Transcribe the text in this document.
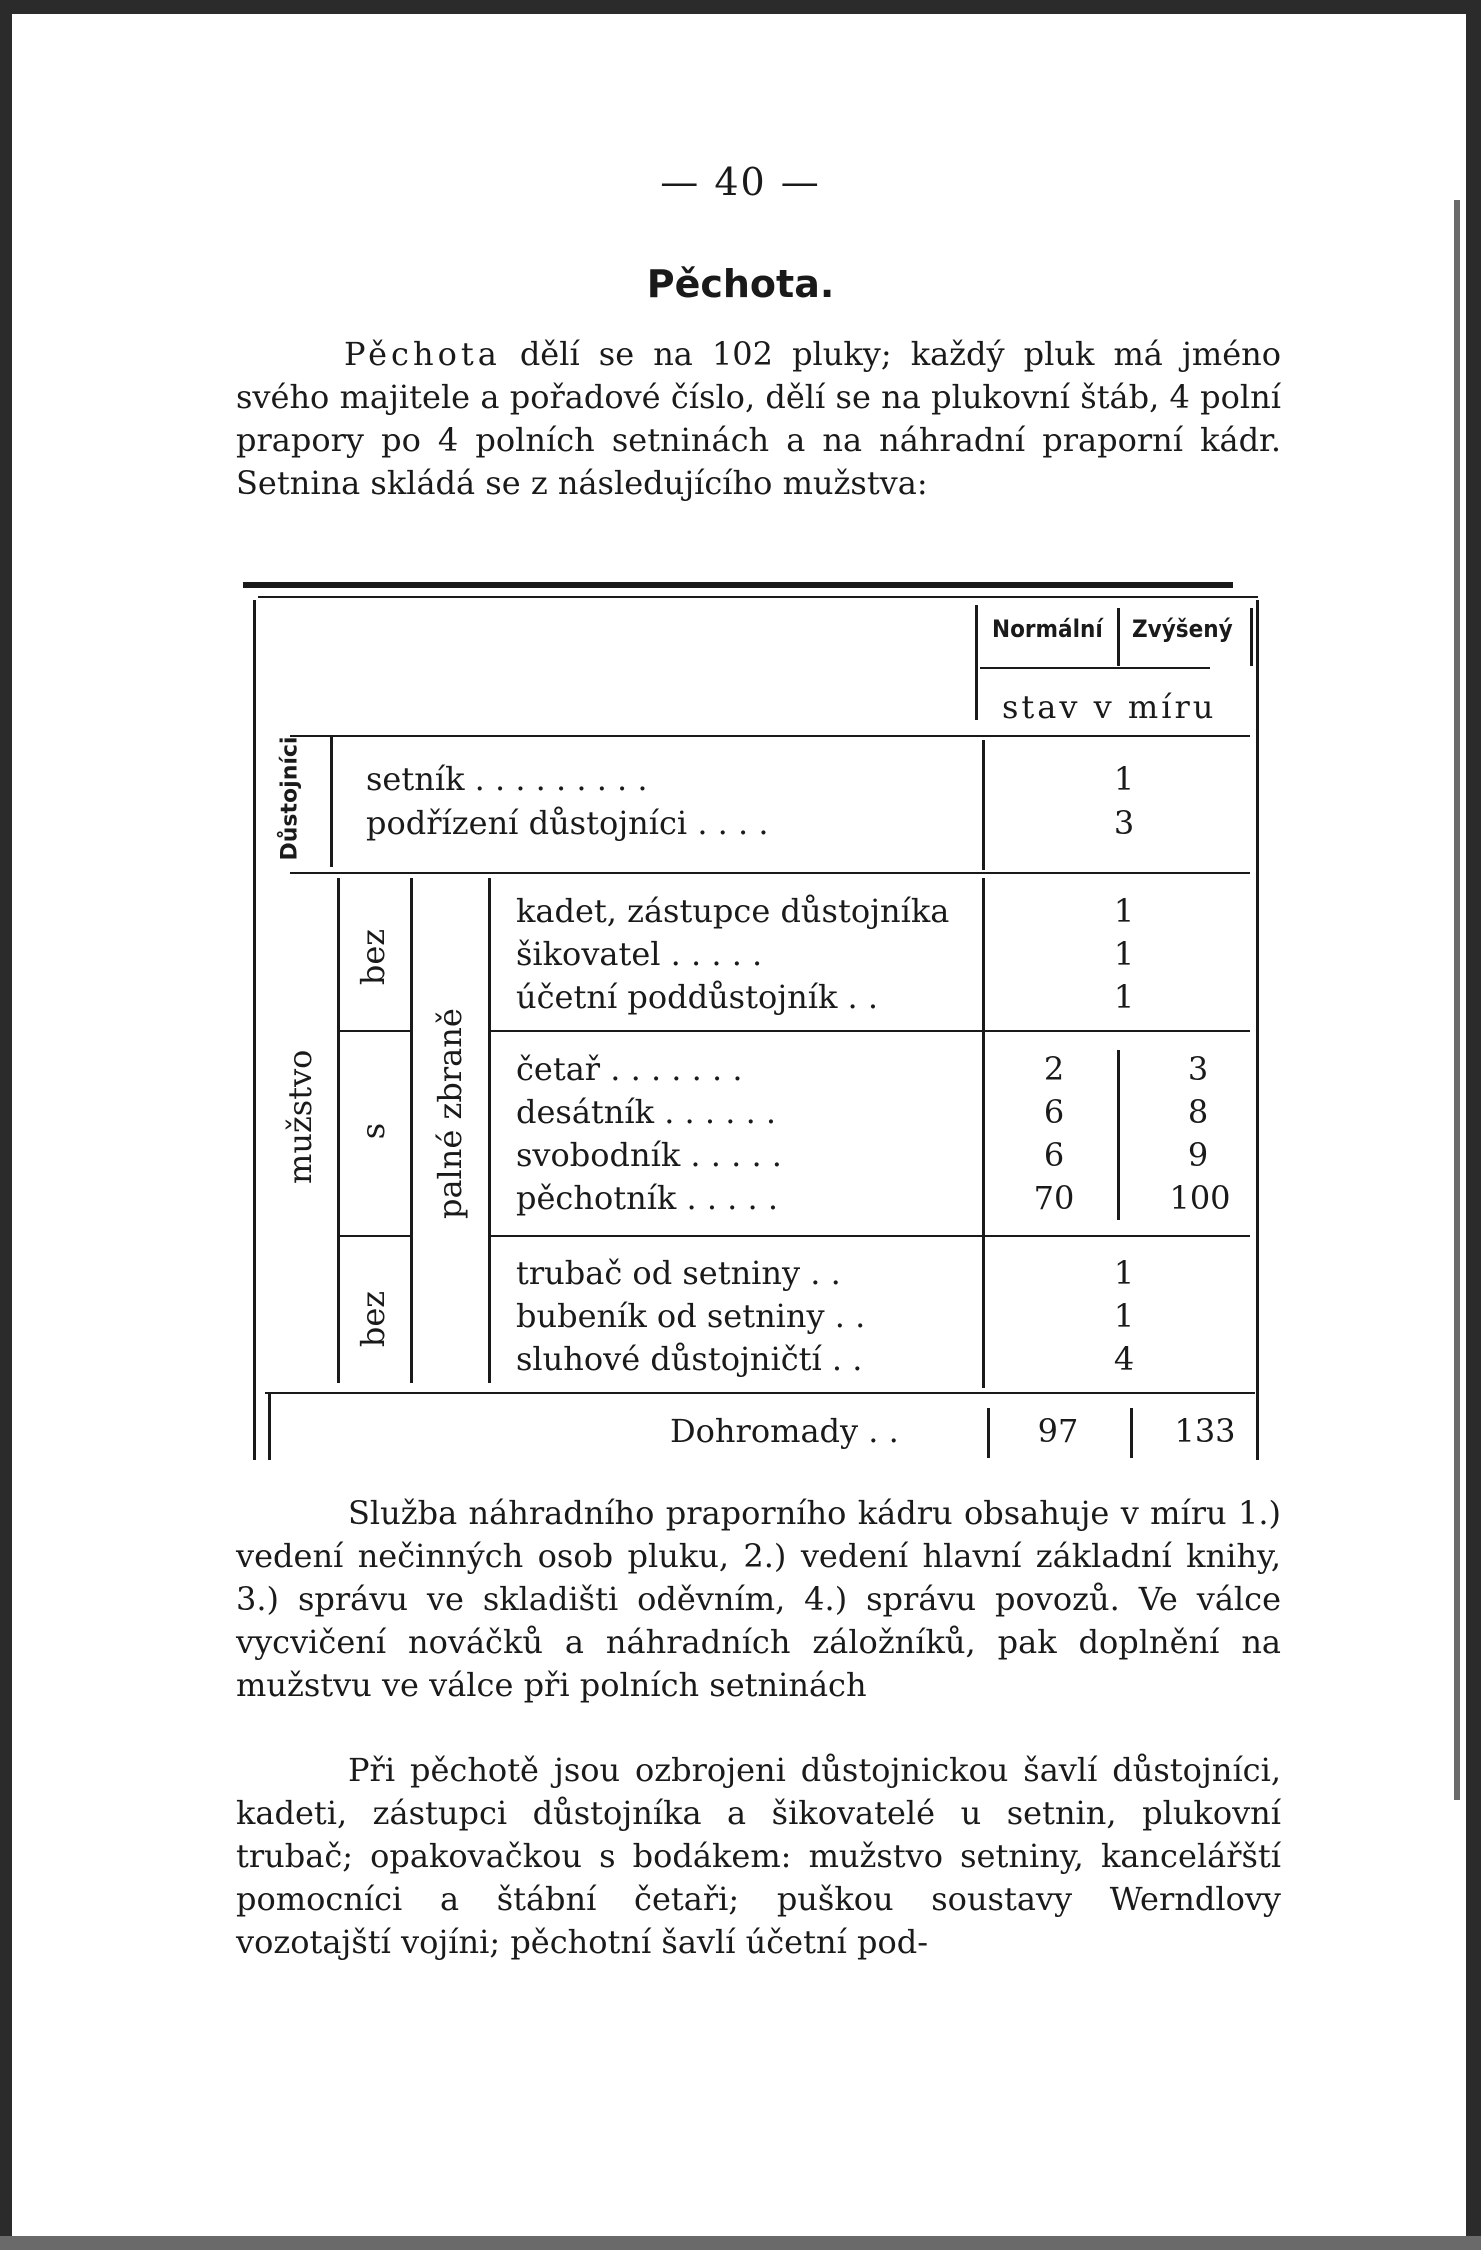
— 40 —
Pěchota.
Pěchota dělí se na 102 pluky; každý pluk má jméno svého majitele a pořadové číslo, dělí se na plukovní štáb, 4 polní prapory po 4 polních setninách a na náhradní praporní kádr. Setnina skládá se z následujícího mužstva:
Normální Zvýšený
stav v míru
Důstojníci
mužstvo
bez
s
bez
palné zbraně
setník . . . . . . . . .	1
podřízení důstojníci . . . .	3
kadet, zástupce důstojníka	1
šikovatel . . . . .	1
účetní poddůstojník . .	1
četař . . . . . . .	2	3
desátník . . . . . .	6	8
svobodník . . . . .	6	9
pěchotník . . . . .	70	100
trubač od setniny . .	1
bubeník od setniny . .	1
sluhové důstojničtí . .	4
Dohromady . .	97	133
Služba náhradního praporního kádru obsahuje v míru 1.) vedení nečinných osob pluku, 2.) vedení hlavní základní knihy, 3.) správu ve skladišti oděvním, 4.) správu povozů. Ve válce vycvičení nováčků a náhradních záložníků, pak doplnění na mužstvu ve válce při polních setninách
Při pěchotě jsou ozbrojeni důstojnickou šavlí důstojníci, kadeti, zástupci důstojníka a šikovatelé u setnin, plukovní trubač; opakovačkou s bodákem: mužstvo setniny, kancelářští pomocníci a štábní četaři; puškou soustavy Werndlovy vozotajští vojíni; pěchotní šavlí účetní pod-
